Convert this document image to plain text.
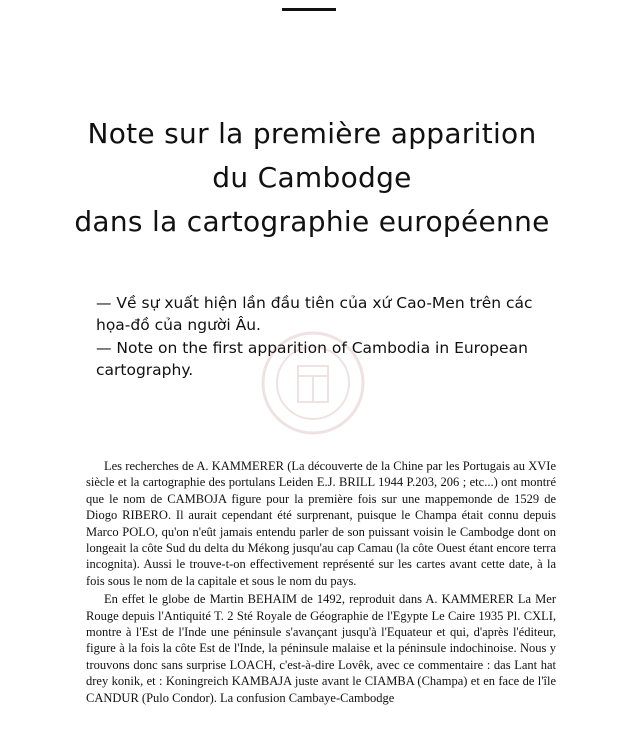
Note sur la première apparition
du Cambodge
dans la cartographie européenne

— Về sự xuất hiện lần đầu tiên của xứ Cao-Men trên các họa-đồ của người Âu.

— Note on the first apparition of Cambodia in European cartography.

Les recherches de A. KAMMERER (La découverte de la Chine par les Portugais au XVIe siècle et la cartographie des portulans Leiden E.J. BRILL 1944 P.203, 206 ; etc...) ont montré que le nom de CAMBOJA figure pour la première fois sur une mappemonde de 1529 de Diogo RIBERO. Il aurait cependant été surprenant, puisque le Champa était connu depuis Marco POLO, qu'on n'eût jamais entendu parler de son puissant voisin le Cambodge dont on longeait la côte Sud du delta du Mékong jusqu'au cap Camau (la côte Ouest étant encore terra incognita). Aussi le trouve-t-on effectivement représenté sur les cartes avant cette date, à la fois sous le nom de la capitale et sous le nom du pays.

En effet le globe de Martin BEHAIM de 1492, reproduit dans A. KAMMERER La Mer Rouge depuis l'Antiquité T. 2 Sté Royale de Géographie de l'Egypte Le Caire 1935 Pl. CXLI, montre à l'Est de l'Inde une péninsule s'avançant jusqu'à l'Equateur et qui, d'après l'éditeur, figure à la fois la côte Est de l'Inde, la péninsule malaise et la péninsule indochinoise. Nous y trouvons donc sans surprise LOACH, c'est-à-dire Lovêk, avec ce commentaire : das Lant hat drey konik, et : Koningreich KAMBAJA juste avant le CIAMBA (Champa) et en face de l'île CANDUR (Pulo Condor). La confusion Cambaye-Cambodge
